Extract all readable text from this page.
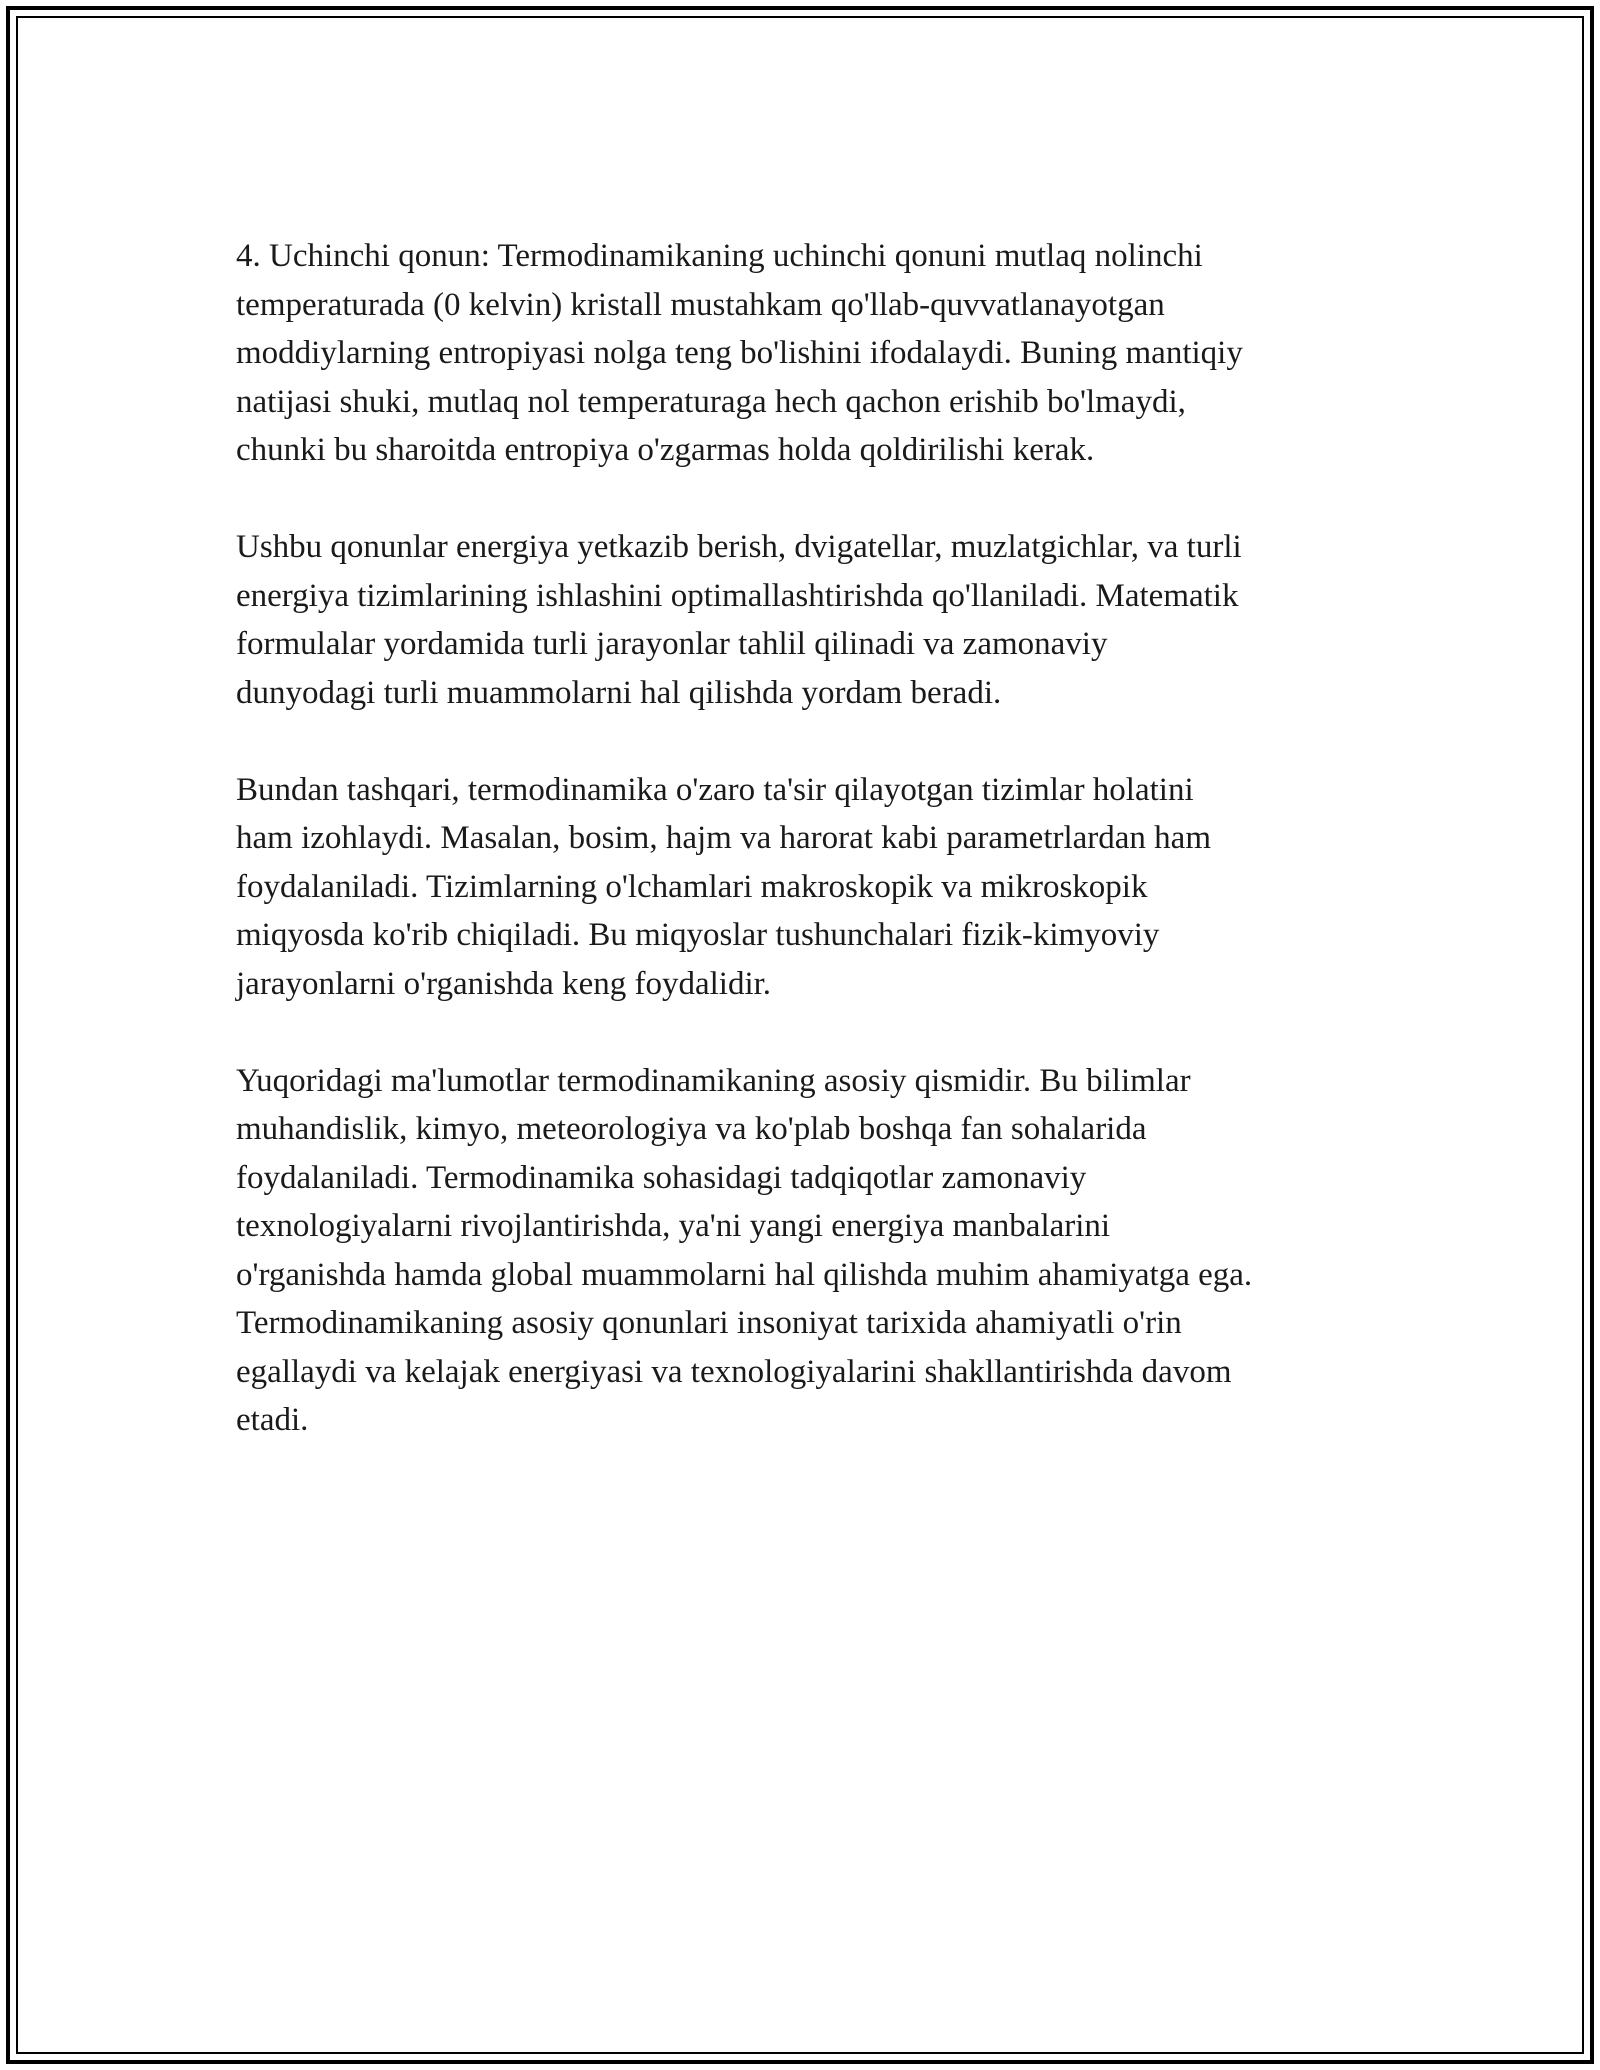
4. Uchinchi qonun: Termodinamikaning uchinchi qonuni mutlaq nolinchi
temperaturada (0 kelvin) kristall mustahkam qo'llab-quvvatlanayotgan
moddiylarning entropiyasi nolga teng bo'lishini ifodalaydi. Buning mantiqiy
natijasi shuki, mutlaq nol temperaturaga hech qachon erishib bo'lmaydi,
chunki bu sharoitda entropiya o'zgarmas holda qoldirilishi kerak.

Ushbu qonunlar energiya yetkazib berish, dvigatellar, muzlatgichlar, va turli
energiya tizimlarining ishlashini optimallashtirishda qo'llaniladi. Matematik
formulalar yordamida turli jarayonlar tahlil qilinadi va zamonaviy
dunyodagi turli muammolarni hal qilishda yordam beradi.

Bundan tashqari, termodinamika o'zaro ta'sir qilayotgan tizimlar holatini
ham izohlaydi. Masalan, bosim, hajm va harorat kabi parametrlardan ham
foydalaniladi. Tizimlarning o'lchamlari makroskopik va mikroskopik
miqyosda ko'rib chiqiladi. Bu miqyoslar tushunchalari fizik-kimyoviy
jarayonlarni o'rganishda keng foydalidir.

Yuqoridagi ma'lumotlar termodinamikaning asosiy qismidir. Bu bilimlar
muhandislik, kimyo, meteorologiya va ko'plab boshqa fan sohalarida
foydalaniladi. Termodinamika sohasidagi tadqiqotlar zamonaviy
texnologiyalarni rivojlantirishda, ya'ni yangi energiya manbalarini
o'rganishda hamda global muammolarni hal qilishda muhim ahamiyatga ega.
Termodinamikaning asosiy qonunlari insoniyat tarixida ahamiyatli o'rin
egallaydi va kelajak energiyasi va texnologiyalarini shakllantirishda davom
etadi.
